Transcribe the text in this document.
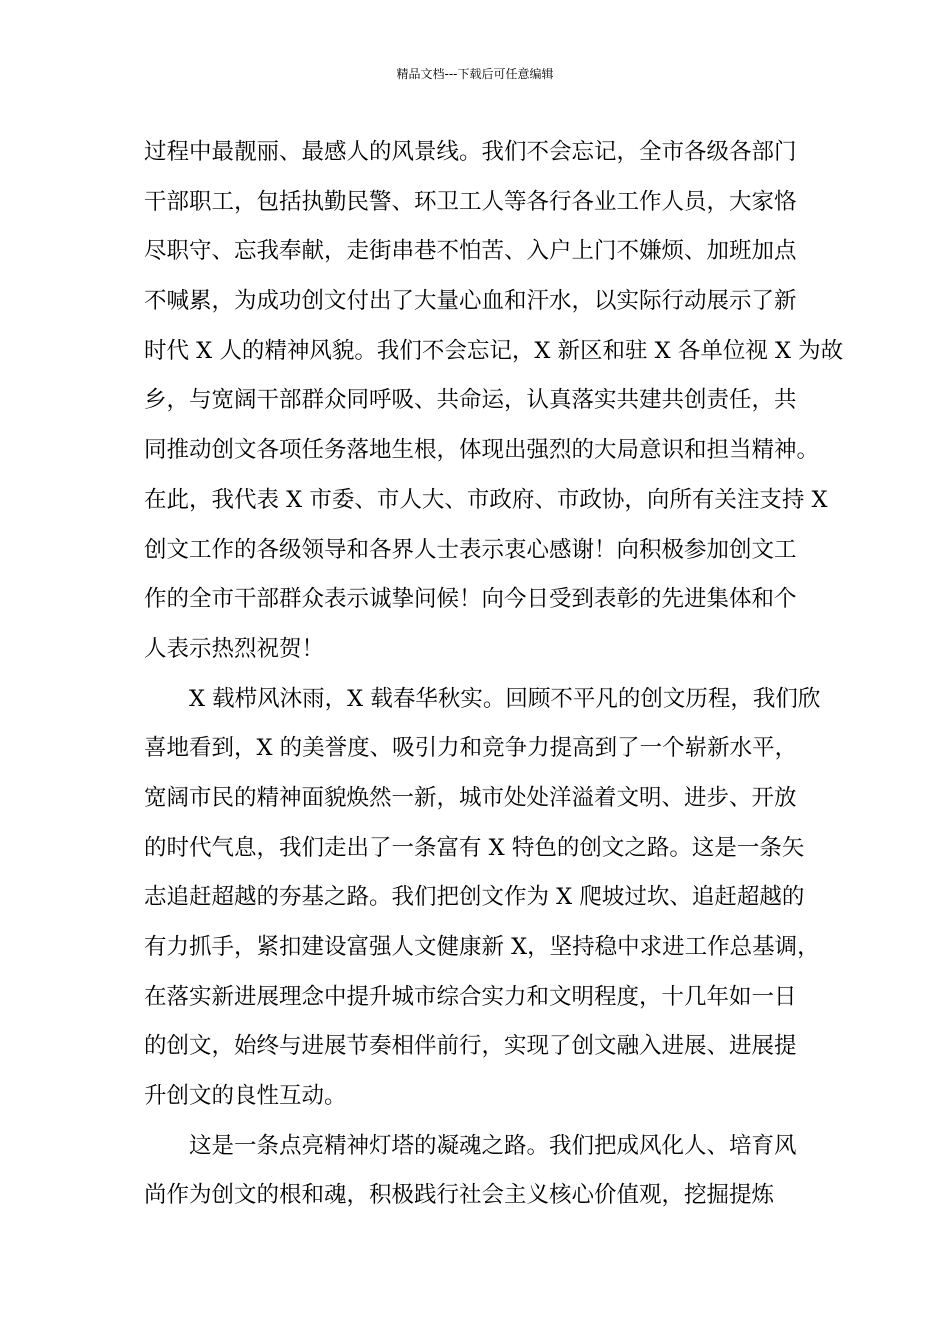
精品文档---下载后可任意编辑
过程中最靓丽、最感人的风景线。我们不会忘记，全市各级各部门
干部职工，包括执勤民警、环卫工人等各行各业工作人员，大家恪
尽职守、忘我奉献，走街串巷不怕苦、入户上门不嫌烦、加班加点
不喊累，为成功创文付出了大量心血和汗水，以实际行动展示了新
时代 X 人的精神风貌。我们不会忘记，X 新区和驻 X 各单位视 X 为故
乡，与宽阔干部群众同呼吸、共命运，认真落实共建共创责任，共
同推动创文各项任务落地生根，体现出强烈的大局意识和担当精神。
在此，我代表 X 市委、市人大、市政府、市政协，向所有关注支持 X
创文工作的各级领导和各界人士表示衷心感谢！向积极参加创文工
作的全市干部群众表示诚挚问候！向今日受到表彰的先进集体和个
人表示热烈祝贺！
X 载栉风沐雨，X 载春华秋实。回顾不平凡的创文历程，我们欣
喜地看到，X 的美誉度、吸引力和竞争力提高到了一个崭新水平，
宽阔市民的精神面貌焕然一新，城市处处洋溢着文明、进步、开放
的时代气息，我们走出了一条富有 X 特色的创文之路。这是一条矢
志追赶超越的夯基之路。我们把创文作为 X 爬坡过坎、追赶超越的
有力抓手，紧扣建设富强人文健康新 X，坚持稳中求进工作总基调，
在落实新进展理念中提升城市综合实力和文明程度，十几年如一日
的创文，始终与进展节奏相伴前行，实现了创文融入进展、进展提
升创文的良性互动。
这是一条点亮精神灯塔的凝魂之路。我们把成风化人、培育风
尚作为创文的根和魂，积极践行社会主义核心价值观，挖掘提炼
